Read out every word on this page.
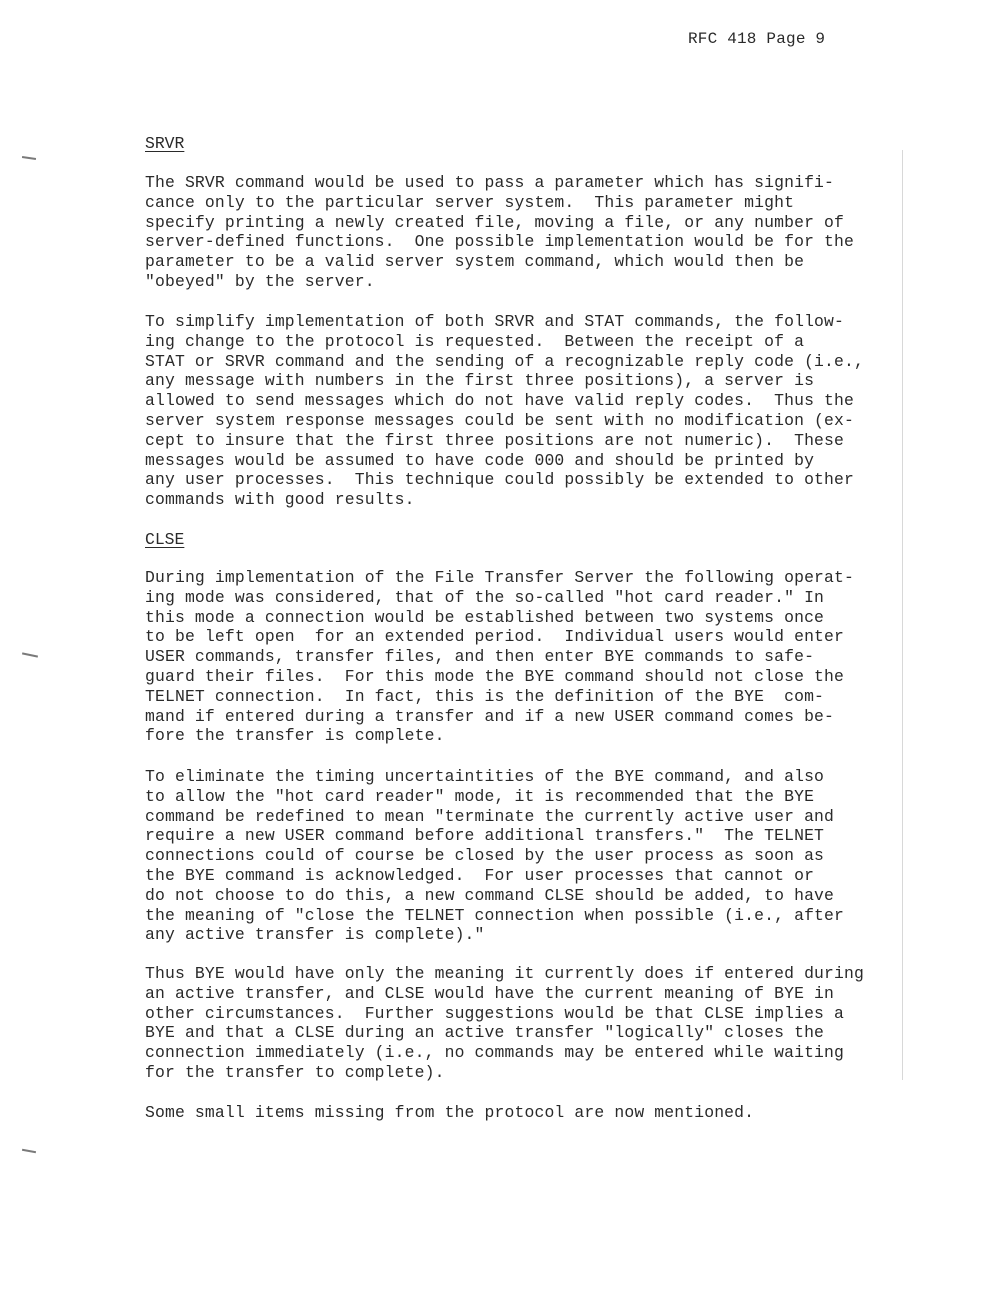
RFC 418 Page 9
SRVR
The SRVR command would be used to pass a parameter which has signifi-
cance only to the particular server system.  This parameter might
specify printing a newly created file, moving a file, or any number of
server-defined functions.  One possible implementation would be for the
parameter to be a valid server system command, which would then be
"obeyed" by the server.
To simplify implementation of both SRVR and STAT commands, the follow-
ing change to the protocol is requested.  Between the receipt of a
STAT or SRVR command and the sending of a recognizable reply code (i.e.,
any message with numbers in the first three positions), a server is
allowed to send messages which do not have valid reply codes.  Thus the
server system response messages could be sent with no modification (ex-
cept to insure that the first three positions are not numeric).  These
messages would be assumed to have code 000 and should be printed by
any user processes.  This technique could possibly be extended to other
commands with good results.
CLSE
During implementation of the File Transfer Server the following operat-
ing mode was considered, that of the so-called "hot card reader." In
this mode a connection would be established between two systems once
to be left open  for an extended period.  Individual users would enter
USER commands, transfer files, and then enter BYE commands to safe-
guard their files.  For this mode the BYE command should not close the
TELNET connection.  In fact, this is the definition of the BYE  com-
mand if entered during a transfer and if a new USER command comes be-
fore the transfer is complete.
To eliminate the timing uncertaintities of the BYE command, and also
to allow the "hot card reader" mode, it is recommended that the BYE
command be redefined to mean "terminate the currently active user and
require a new USER command before additional transfers."  The TELNET
connections could of course be closed by the user process as soon as
the BYE command is acknowledged.  For user processes that cannot or
do not choose to do this, a new command CLSE should be added, to have
the meaning of "close the TELNET connection when possible (i.e., after
any active transfer is complete)."
Thus BYE would have only the meaning it currently does if entered during
an active transfer, and CLSE would have the current meaning of BYE in
other circumstances.  Further suggestions would be that CLSE implies a
BYE and that a CLSE during an active transfer "logically" closes the
connection immediately (i.e., no commands may be entered while waiting
for the transfer to complete).
Some small items missing from the protocol are now mentioned.
